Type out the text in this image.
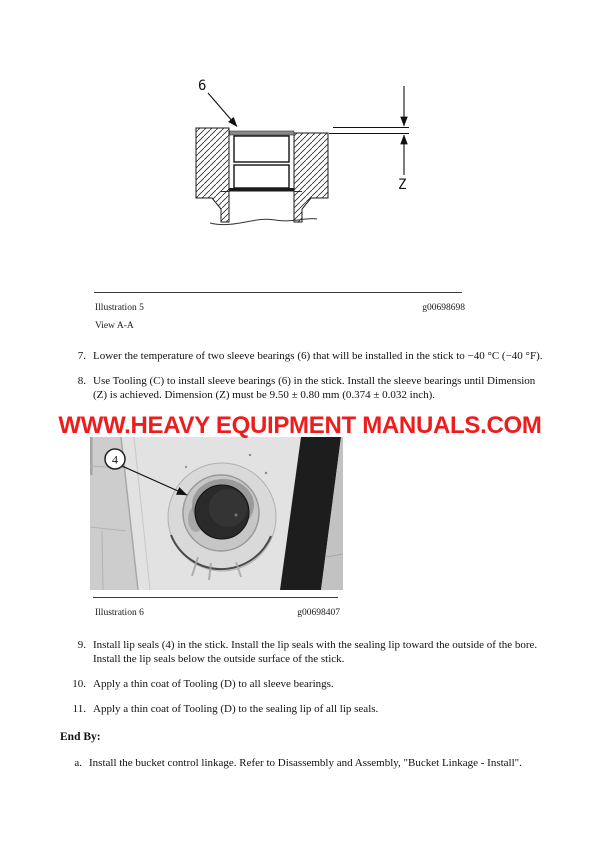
6
Z
Illustration 5	g00698698
View A-A
7. Lower the temperature of two sleeve bearings (6) that will be installed in the stick to −40 °C (−40 °F).
8. Use Tooling (C) to install sleeve bearings (6) in the stick. Install the sleeve bearings until Dimension (Z) is achieved. Dimension (Z) must be 9.50 ± 0.80 mm (0.374 ± 0.032 inch).
WWW.HEAVY EQUIPMENT MANUALS.COM
4
Illustration 6	g00698407
9. Install lip seals (4) in the stick. Install the lip seals with the sealing lip toward the outside of the bore. Install the lip seals below the outside surface of the stick.
10. Apply a thin coat of Tooling (D) to all sleeve bearings.
11. Apply a thin coat of Tooling (D) to the sealing lip of all lip seals.
End By:
a. Install the bucket control linkage. Refer to Disassembly and Assembly, "Bucket Linkage - Install".
